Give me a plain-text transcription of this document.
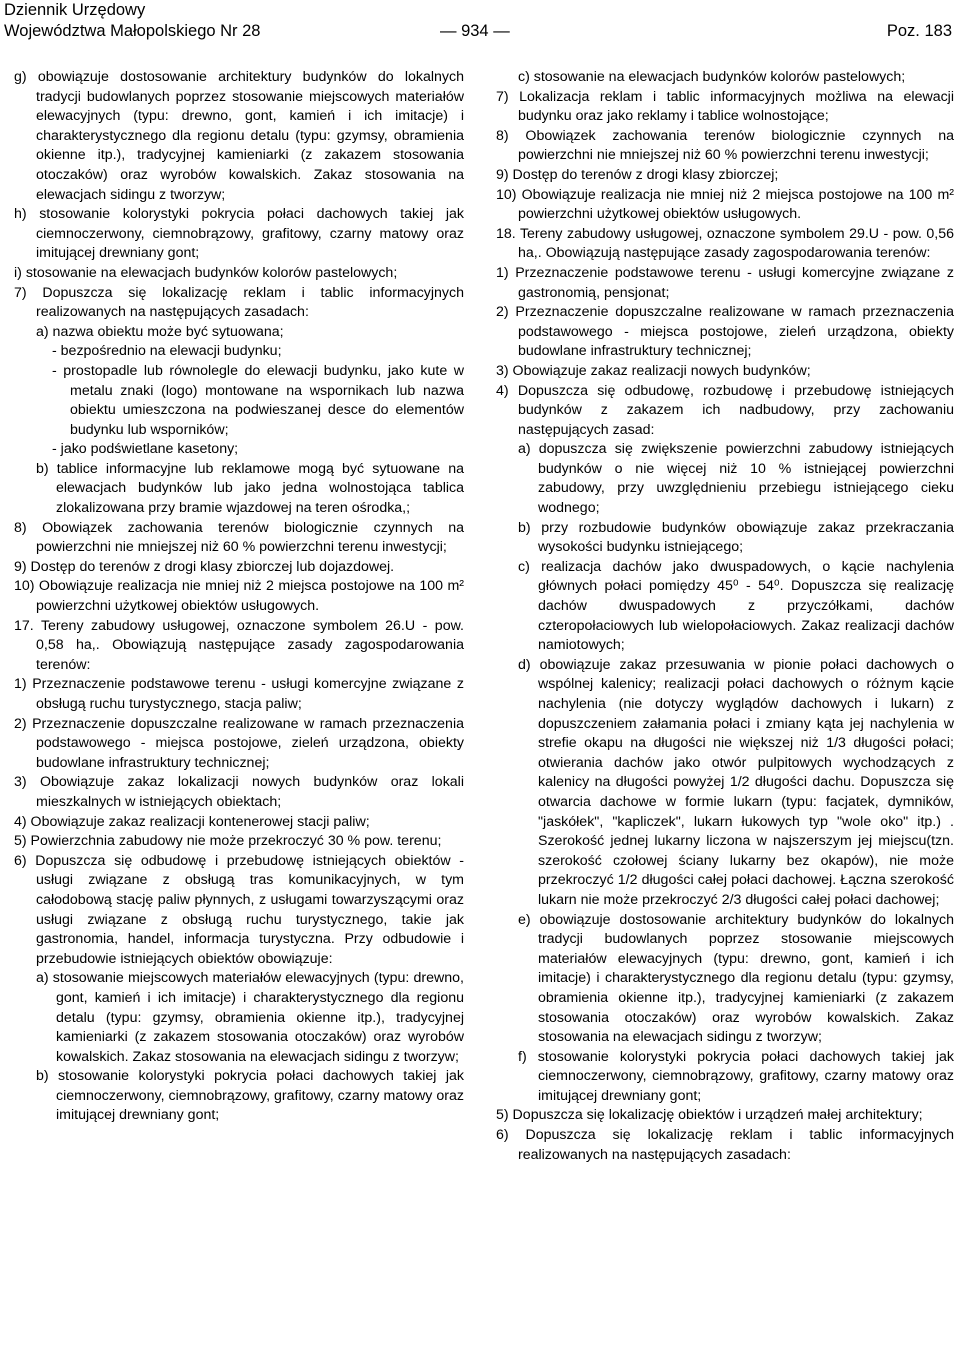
Dziennik Urzędowy
Województwa Małopolskiego Nr 28	— 934 —	Poz. 183

g) obowiązuje dostosowanie architektury budynków do lokalnych tradycji budowlanych poprzez stosowanie miejscowych materiałów elewacyjnych (typu: drewno, gont, kamień i ich imitacje) i charakterystycznego dla regionu detalu (typu: gzymsy, obramienia okienne itp.), tradycyjnej kamieniarki (z zakazem stosowania otoczaków) oraz wyrobów kowalskich. Zakaz stosowania na elewacjach sidingu z tworzyw;

h) stosowanie kolorystyki pokrycia połaci dachowych takiej jak ciemnoczerwony, ciemnobrązowy, grafitowy, czarny matowy oraz imitującej drewniany gont;

i) stosowanie na elewacjach budynków kolorów pastelowych;

7) Dopuszcza się lokalizację reklam i tablic informacyjnych realizowanych na następujących zasadach:

a) nazwa obiektu może być sytuowana;

- bezpośrednio na elewacji budynku;

- prostopadle lub równolegle do elewacji budynku, jako kute w metalu znaki (logo) montowane na wspornikach lub nazwa obiektu umieszczona na podwieszanej desce do elementów budynku lub wsporników;

- jako podświetlane kasetony;

b) tablice informacyjne lub reklamowe mogą być sytuowane na elewacjach budynków lub jako jedna wolnostojąca tablica zlokalizowana przy bramie wjazdowej na teren ośrodka,;

8) Obowiązek zachowania terenów biologicznie czynnych na powierzchni nie mniejszej niż 60 % powierzchni terenu inwestycji;

9) Dostęp do terenów z drogi klasy zbiorczej lub dojazdowej.

10) Obowiązuje realizacja nie mniej niż 2 miejsca postojowe na 100 m² powierzchni użytkowej obiektów usługowych.

17. Tereny zabudowy usługowej, oznaczone symbolem 26.U - pow. 0,58 ha,. Obowiązują następujące zasady zagospodarowania terenów:

1) Przeznaczenie podstawowe terenu - usługi komercyjne związane z obsługą ruchu turystycznego, stacja paliw;

2) Przeznaczenie dopuszczalne realizowane w ramach przeznaczenia podstawowego - miejsca postojowe, zieleń urządzona, obiekty budowlane infrastruktury technicznej;

3) Obowiązuje zakaz lokalizacji nowych budynków oraz lokali mieszkalnych w istniejących obiektach;

4) Obowiązuje zakaz realizacji kontenerowej stacji paliw;

5) Powierzchnia zabudowy nie może przekroczyć 30 % pow. terenu;

6) Dopuszcza się odbudowę i przebudowę istniejących obiektów - usługi związane z obsługą tras komunikacyjnych, w tym całodobową stację paliw płynnych, z usługami towarzyszącymi oraz usługi związane z obsługą ruchu turystycznego, takie jak gastronomia, handel, informacja turystyczna. Przy odbudowie i przebudowie istniejących obiektów obowiązuje:

a) stosowanie miejscowych materiałów elewacyjnych (typu: drewno, gont, kamień i ich imitacje) i charakterystycznego dla regionu detalu (typu: gzymsy, obramienia okienne itp.), tradycyjnej kamieniarki (z zakazem stosowania otoczaków) oraz wyrobów kowalskich. Zakaz stosowania na elewacjach sidingu z tworzyw;

b) stosowanie kolorystyki pokrycia połaci dachowych takiej jak ciemnoczerwony, ciemnobrązowy, grafitowy, czarny matowy oraz imitującej drewniany gont;

c) stosowanie na elewacjach budynków kolorów pastelowych;

7) Lokalizacja reklam i tablic informacyjnych możliwa na elewacji budynku oraz jako reklamy i tablice wolnostojące;

8) Obowiązek zachowania terenów biologicznie czynnych na powierzchni nie mniejszej niż 60 % powierzchni terenu inwestycji;

9) Dostęp do terenów z drogi klasy zbiorczej;

10) Obowiązuje realizacja nie mniej niż 2 miejsca postojowe na 100 m² powierzchni użytkowej obiektów usługowych.

18. Tereny zabudowy usługowej, oznaczone symbolem 29.U - pow. 0,56 ha,. Obowiązują następujące zasady zagospodarowania terenów:

1) Przeznaczenie podstawowe terenu - usługi komercyjne związane z gastronomią, pensjonat;

2) Przeznaczenie dopuszczalne realizowane w ramach przeznaczenia podstawowego - miejsca postojowe, zieleń urządzona, obiekty budowlane infrastruktury technicznej;

3) Obowiązuje zakaz realizacji nowych budynków;

4) Dopuszcza się odbudowę, rozbudowę i przebudowę istniejących budynków z zakazem ich nadbudowy, przy zachowaniu następujących zasad:

a) dopuszcza się zwiększenie powierzchni zabudowy istniejących budynków o nie więcej niż 10 % istniejącej powierzchni zabudowy, przy uwzględnieniu przebiegu istniejącego cieku wodnego;

b) przy rozbudowie budynków obowiązuje zakaz przekraczania wysokości budynku istniejącego;

c) realizacja dachów jako dwuspadowych, o kącie nachylenia głównych połaci pomiędzy 45⁰ - 54⁰. Dopuszcza się realizację dachów dwuspadowych z przyczółkami, dachów czteropołaciowych lub wielopołaciowych. Zakaz realizacji dachów namiotowych;

d) obowiązuje zakaz przesuwania w pionie połaci dachowych o wspólnej kalenicy; realizacji połaci dachowych o różnym kącie nachylenia (nie dotyczy wyglądów dachowych i lukarn) z dopuszczeniem załamania połaci i zmiany kąta jej nachylenia w strefie okapu na długości nie większej niż 1/3 długości połaci; otwierania dachów jako otwór pulpitowych wychodzących z kalenicy na długości powyżej 1/2 długości dachu. Dopuszcza się otwarcia dachowe w formie lukarn (typu: facjatek, dymników, "jaskółek", "kapliczek", lukarn łukowych typ "wole oko" itp.) . Szerokość jednej lukarny liczona w najszerszym jej miejscu(tzn. szerokość czołowej ściany lukarny bez okapów), nie może przekroczyć 1/2 długości całej połaci dachowej. Łączna szerokość lukarn nie może przekroczyć 2/3 długości całej połaci dachowej;

e) obowiązuje dostosowanie architektury budynków do lokalnych tradycji budowlanych poprzez stosowanie miejscowych materiałów elewacyjnych (typu: drewno, gont, kamień i ich imitacje) i charakterystycznego dla regionu detalu (typu: gzymsy, obramienia okienne itp.), tradycyjnej kamieniarki (z zakazem stosowania otoczaków) oraz wyrobów kowalskich. Zakaz stosowania na elewacjach sidingu z tworzyw;

f) stosowanie kolorystyki pokrycia połaci dachowych takiej jak ciemnoczerwony, ciemnobrązowy, grafitowy, czarny matowy oraz imitującej drewniany gont;

5) Dopuszcza się lokalizację obiektów i urządzeń małej architektury;

6) Dopuszcza się lokalizację reklam i tablic informacyjnych realizowanych na następujących zasadach:
